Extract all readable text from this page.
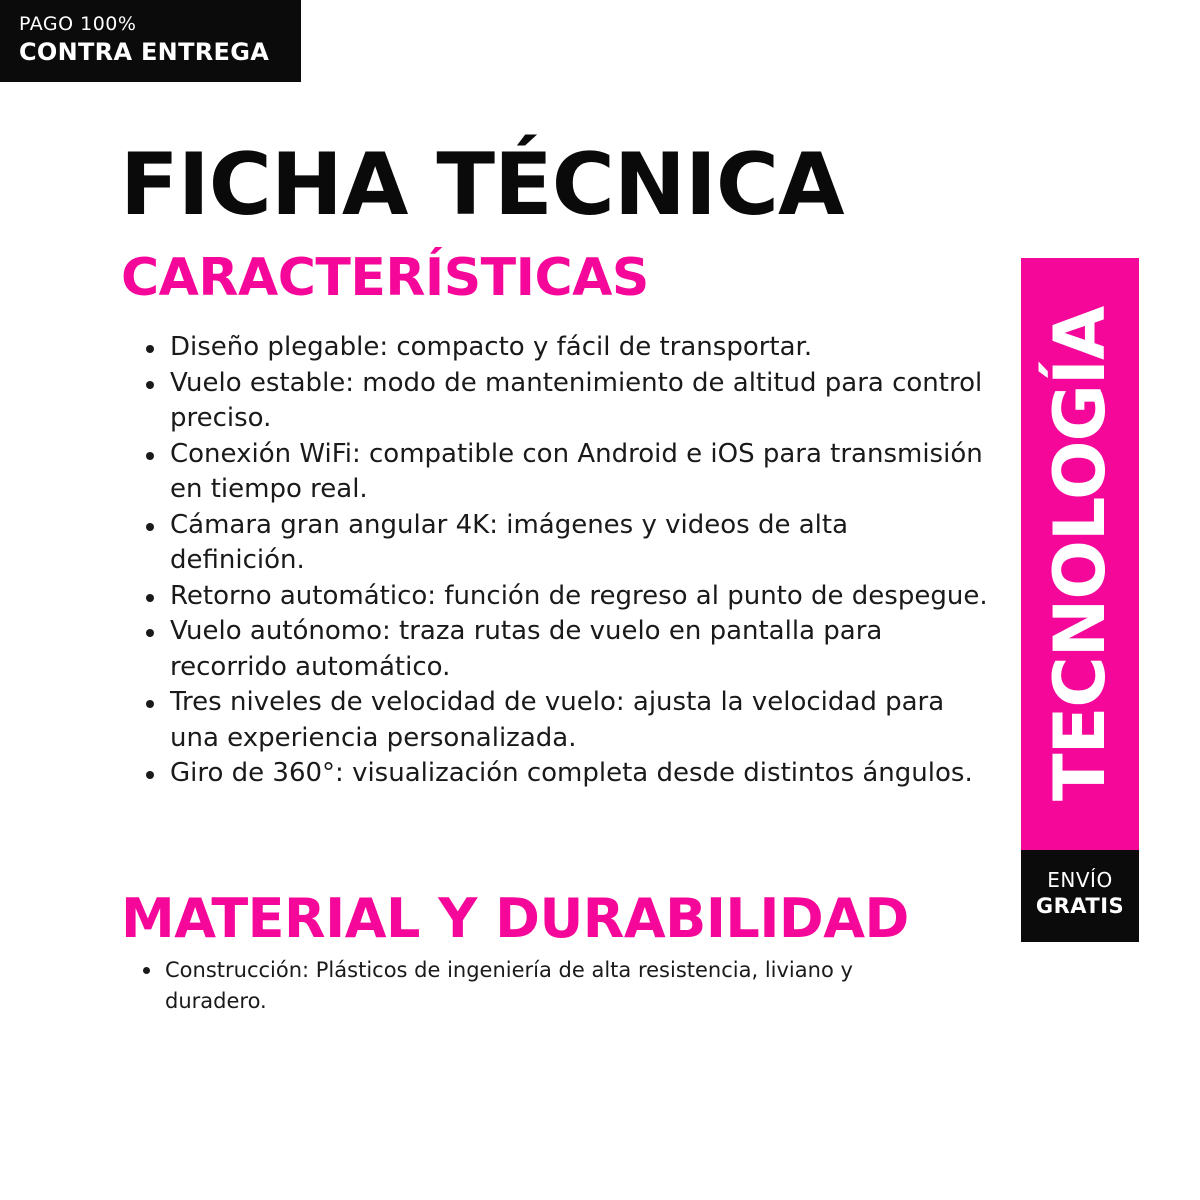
PAGO 100%
CONTRA ENTREGA
FICHA TÉCNICA
CARACTERÍSTICAS
Diseño plegable: compacto y fácil de transportar.
Vuelo estable: modo de mantenimiento de altitud para control preciso.
Conexión WiFi: compatible con Android e iOS para transmisión en tiempo real.
Cámara gran angular 4K: imágenes y videos de alta definición.
Retorno automático: función de regreso al punto de despegue.
Vuelo autónomo: traza rutas de vuelo en pantalla para recorrido automático.
Tres niveles de velocidad de vuelo: ajusta la velocidad para una experiencia personalizada.
Giro de 360°: visualización completa desde distintos ángulos.
MATERIAL Y DURABILIDAD
Construcción: Plásticos de ingeniería de alta resistencia, liviano y duradero.
TECNOLOGÍA
ENVÍO
GRATIS
